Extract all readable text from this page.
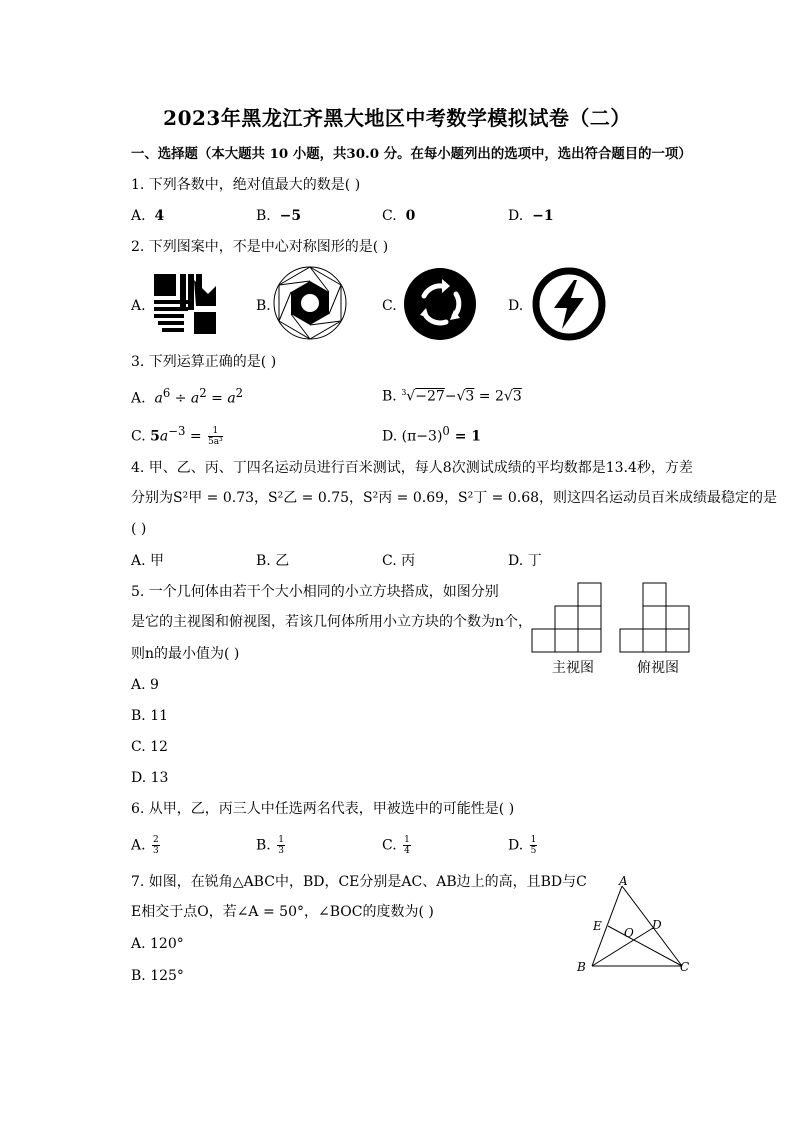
2023年黑龙江齐黑大地区中考数学模拟试卷（二）
一、选择题（本大题共 10 小题，共30.0 分。在每小题列出的选项中，选出符合题目的一项）
1. 下列各数中，绝对值最大的数是( )
A. 4	B. −5	C. 0	D. −1
2. 下列图案中，不是中心对称图形的是( )
A.	B.	C.	D.
3. 下列运算正确的是( )
A. $a^6 \div a^2 = a^2$	B. $^3$√−27−√3 = 2√3
C. $5a^{-3} = \frac{1}{\text{5a³}}$	D. $(\pi-3)^0 = 1$
4. 甲、乙、丙、丁四名运动员进行百米测试，每人8次测试成绩的平均数都是13.4秒，方差
分别为S²甲 = 0.73，S²乙 = 0.75，S²丙 = 0.69，S²丁 = 0.68，则这四名运动员百米成绩最稳定的是
( )
A. 甲	B. 乙	C. 丙	D. 丁
5. 一个几何体由若干个大小相同的小立方块搭成，如图分别
是它的主视图和俯视图，若该几何体所用小立方块的个数为n个，
则n的最小值为( )
A. 9
B. 11
C. 12
D. 13
主视图	俯视图
6. 从甲，乙，丙三人中任选两名代表，甲被选中的可能性是( )
A. $\frac{2}{3}$	B. $\frac{1}{3}$	C. $\frac{1}{4}$	D. $\frac{1}{5}$
7. 如图，在锐角△ABC中，BD，CE分别是AC、AB边上的高，且BD与C
E相交于点O，若∠A = 50°，∠BOC的度数为( )
A. 120°
B. 125°
A
B	C
D
E O
